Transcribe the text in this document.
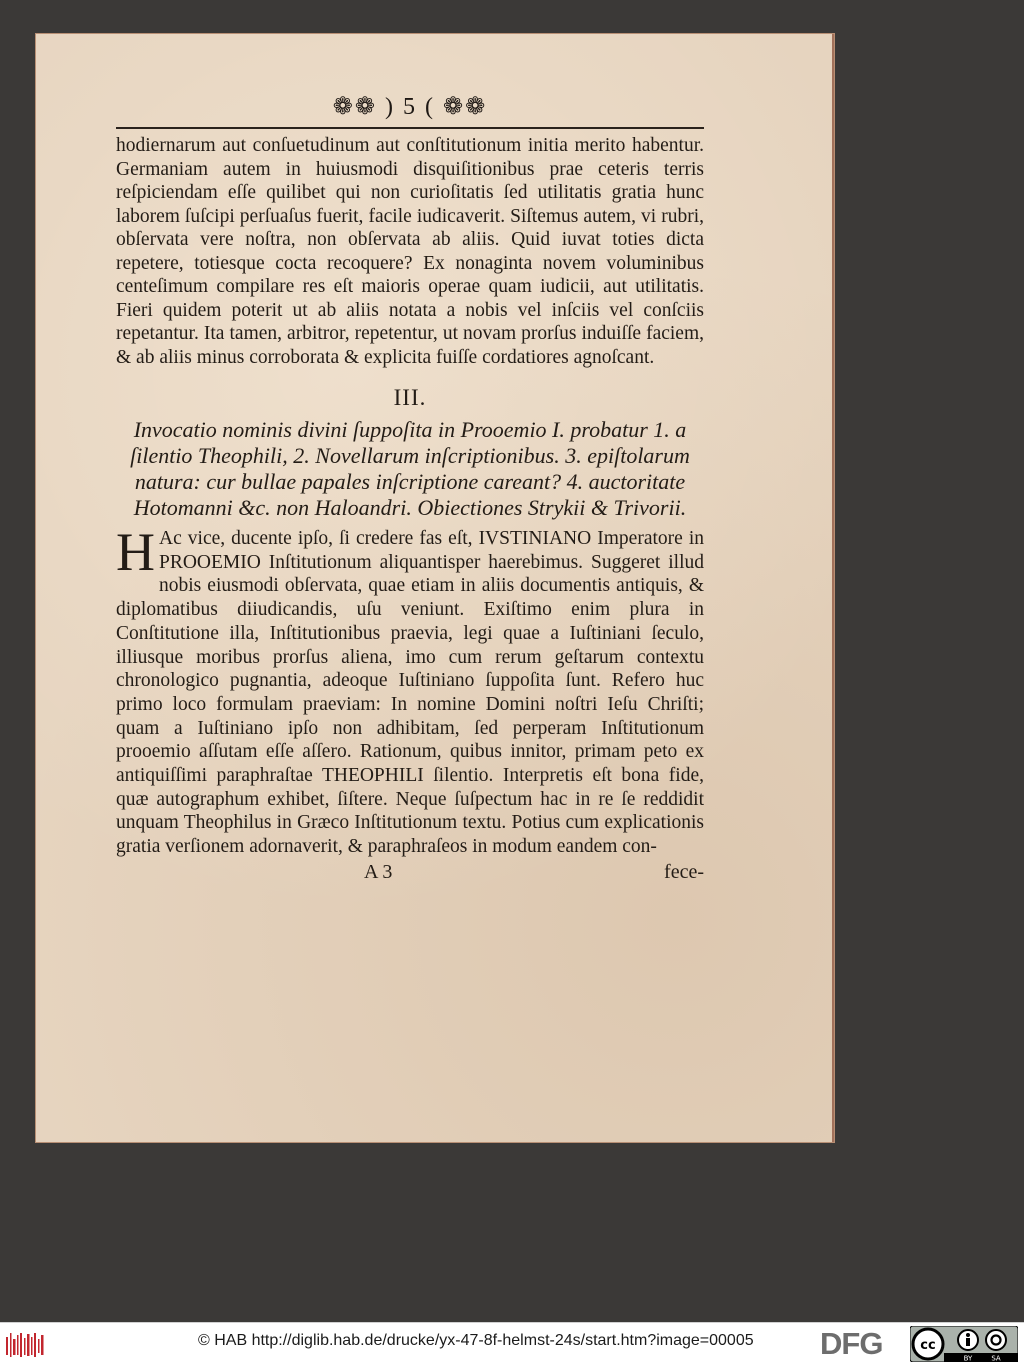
❁❁ ) 5 ( ❁❁

hodiernarum aut conſuetudinum aut conſtitutionum initia merito habentur. Germaniam autem in huiusmodi disquiſitionibus prae ceteris terris reſpiciendam eſſe quilibet qui non curioſitatis ſed utilitatis gratia hunc laborem ſuſcipi perſuaſus fuerit, facile iudicaverit. Siſtemus autem, vi rubri, obſervata vere noſtra, non obſervata ab aliis. Quid iuvat toties dicta repetere, totiesque cocta recoquere? Ex nonaginta novem voluminibus centeſimum compilare res eſt maioris operae quam iudicii, aut utilitatis. Fieri quidem poterit ut ab aliis notata a nobis vel inſciis vel conſciis repetantur. Ita tamen, arbitror, repetentur, ut novam prorſus induiſſe faciem, & ab aliis minus corroborata & explicita fuiſſe cordatiores agnoſcant.

III.
Invocatio nominis divini ſuppoſita in Prooemio I. probatur 1. a ſilentio Theophili, 2. Novellarum inſcriptionibus. 3. epiſtolarum natura: cur bullae papales inſcriptione careant? 4. auctoritate Hotomanni &c. non Haloandri. Obiectiones Strykii & Trivorii.
H Ac vice, ducente ipſo, ſi credere fas eſt, IVSTINIANO Imperatore in PROOEMIO Inſtitutionum aliquantisper haerebimus. Suggeret illud nobis eiusmodi obſervata, quae etiam in aliis documentis antiquis, & diplomatibus diiudicandis, uſu veniunt. Exiſtimo enim plura in Conſtitutione illa, Inſtitutionibus praevia, legi quae a Iuſtiniani ſeculo, illiusque moribus prorſus aliena, imo cum rerum geſtarum contextu chronologico pugnantia, adeoque Iuſtiniano ſuppoſita ſunt. Refero huc primo loco formulam praeviam: In nomine Domini noſtri Ieſu Chriſti; quam a Iuſtiniano ipſo non adhibitam, ſed perperam Inſtitutionum prooemio aſſutam eſſe aſſero. Rationum, quibus innitor, primam peto ex antiquiſſimi paraphraſtae THEOPHILI ſilentio. Interpretis eſt bona fide, quæ autographum exhibet, ſiſtere. Neque ſuſpectum hac in re ſe reddidit unquam Theophilus in Græco Inſtitutionum textu. Potius cum explicationis gratia verſionem adornaverit, & paraphraſeos in modum eandem con-
A 3	fece-
© HAB http://diglib.hab.de/drucke/yx-47-8f-helmst-24s/start.htm?image=00005 DFG	cc
BY	SA
